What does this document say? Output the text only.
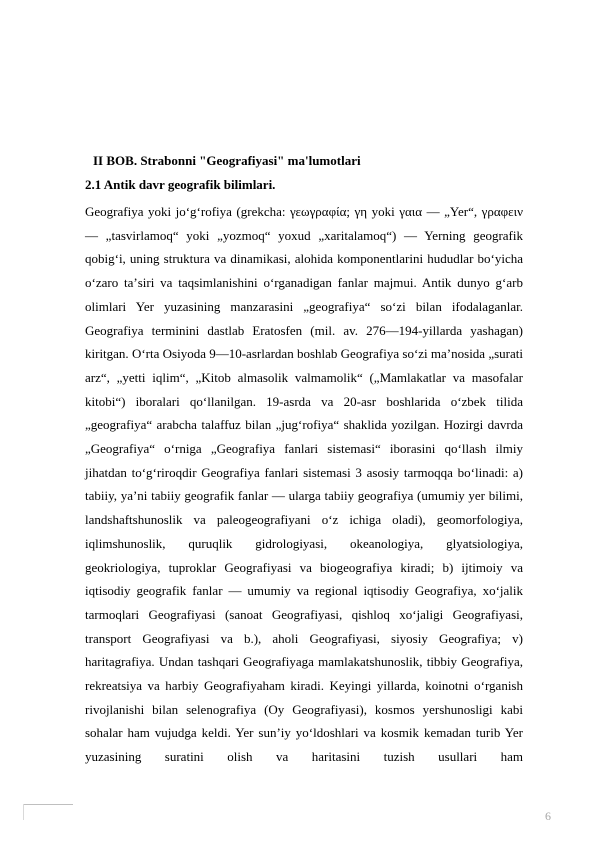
II BOB. Strabonni "Geografiyasi" ma'lumotlari
2.1 Antik davr geografik bilimlari.

Geografiya yoki joʻgʻrofiya (grekcha: γεωγραφία; γη yoki γαια — „Yer“, γραφειν — „tasvirlamoq“ yoki „yozmoq“ yoxud „xaritalamoq“) — Yerning geografik qobigʻi, uning struktura va dinamikasi, alohida komponentlarini hududlar boʻyicha oʻzaro taʼsiri va taqsimlanishini oʻrganadigan fanlar majmui. Antik dunyo gʻarb olimlari Yer yuzasining manzarasini „geografiya“ soʻzi bilan ifodalaganlar. Geografiya terminini dastlab Eratosfen (mil. av. 276—194-yillarda yashagan) kiritgan. Oʻrta Osiyoda 9—10-asrlardan boshlab Geografiya soʻzi maʼnosida „surati arz“, „yetti iqlim“, „Kitob almasolik valmamolik“ („Mamlakatlar va masofalar kitobi“) iboralari qoʻllanilgan. 19-asrda va 20-asr boshlarida oʻzbek tilida „geografiya“ arabcha talaffuz bilan „jugʻrofiya“ shaklida yozilgan. Hozirgi davrda „Geografiya“ oʻrniga „Geografiya fanlari sistemasi“ iborasini qoʻllash ilmiy jihatdan toʻgʻriroqdir Geografiya fanlari sistemasi 3 asosiy tarmoqqa boʻlinadi: a) tabiiy, yaʼni tabiiy geografik fanlar — ularga tabiiy geografiya (umumiy yer bilimi, landshaftshunoslik va paleogeografiyani oʻz ichiga oladi), geomorfologiya, iqlimshunoslik, quruqlik gidrologiyasi, okeanologiya, glyatsiologiya, geokriologiya, tuproklar Geografiyasi va biogeografiya kiradi; b) ijtimoiy va iqtisodiy geografik fanlar — umumiy va regional iqtisodiy Geografiya, xoʻjalik tarmoqlari Geografiyasi (sanoat Geografiyasi, qishloq xoʻjaligi Geografiyasi, transport Geografiyasi va b.), aholi Geografiyasi, siyosiy Geografiya; v) haritagrafiya. Undan tashqari Geografiyaga mamlakatshunoslik, tibbiy Geografiya, rekreatsiya va harbiy Geografiyaham kiradi. Keyingi yillarda, koinotni oʻrganish rivojlanishi bilan selenografiya (Oy Geografiyasi), kosmos yershunosligi kabi sohalar ham vujudga keldi. Yer sunʼiy yoʻldoshlari va kosmik kemadan turib Yer yuzasining suratini olish va haritasini tuzish usullari ham

6
